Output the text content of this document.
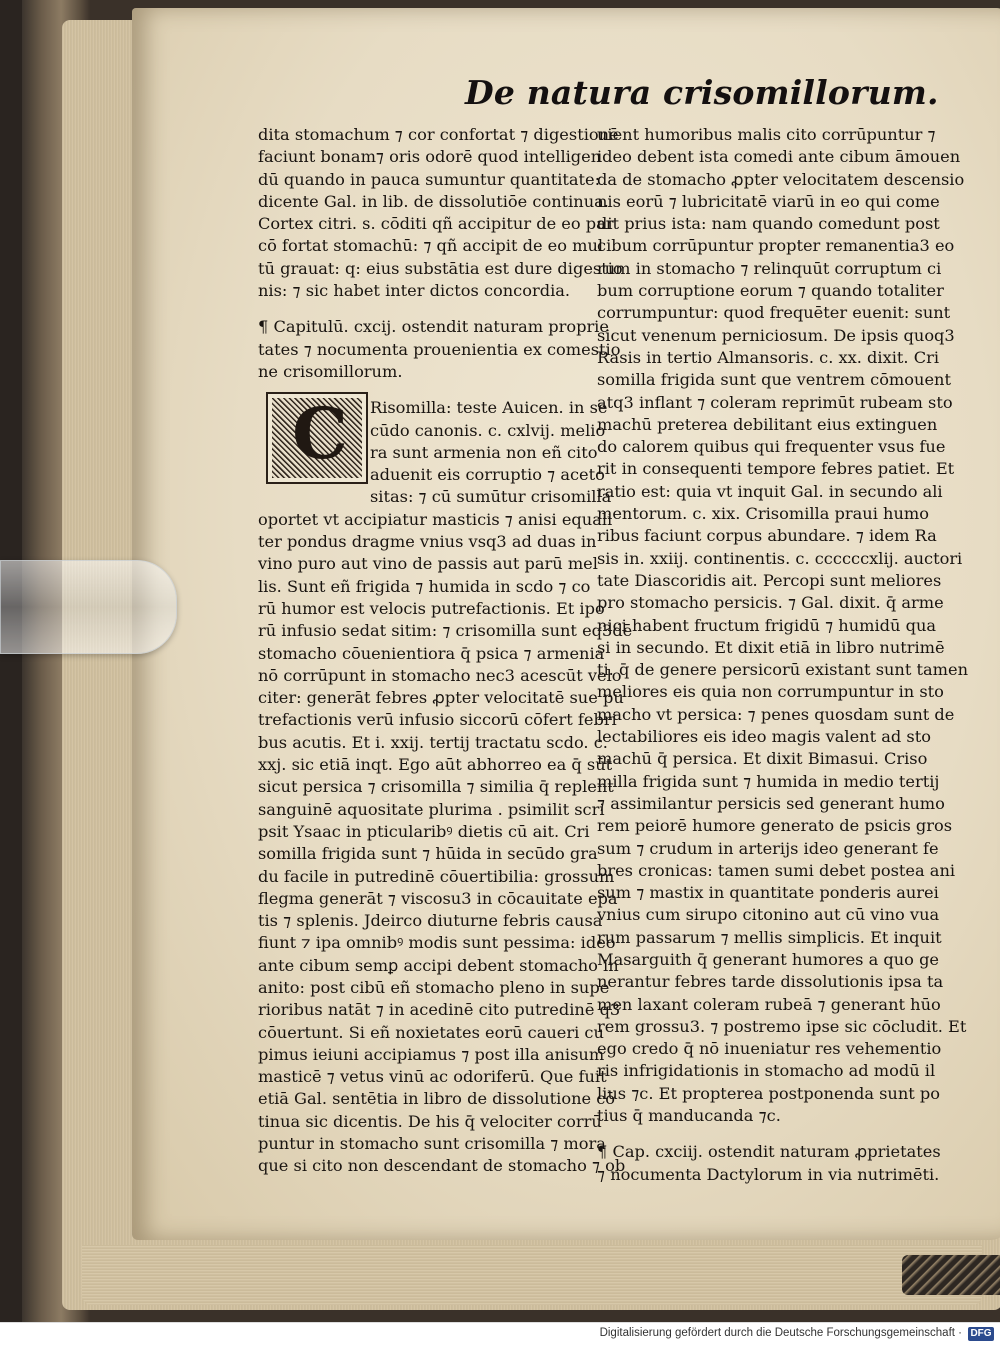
De natura crisomillorum.
C
dita stomachum ⁊ cor confortat ⁊ digestionē
faciunt bonam⁊ oris odorē quod intelligen
dū quando in pauca sumuntur quantitate:
dicente Gal. in lib. de dissolutiōe continua.
Cortex citri. s. cōditi qñ accipitur de eo par
cō fortat stomachū: ⁊ qñ accipit de eo mul
tū grauat: q: eius substātia est dure digestio
nis: ⁊ sic habet inter dictos concordia.
¶ Capitulū. cxcij. ostendit naturam proprie
tates ⁊ nocumenta prouenientia ex comestio
ne crisomillorum.
Risomilla: teste Auicen. in se
cūdo canonis. c. cxlvij. melio
ra sunt armenia non eñ cito
aduenit eis corruptio ⁊ aceto
sitas: ⁊ cū sumūtur crisomilla
oportet vt accipiatur masticis ⁊ anisi equali
ter pondus dragme vnius vsq3 ad duas in
vino puro aut vino de passis aut parū mel
lis. Sunt eñ frigida ⁊ humida in scdo ⁊ co
rū humor est velocis putrefactionis. Et ipo
rū infusio sedat sitim: ⁊ crisomilla sunt eq3dē
stomacho cōuenientiora q̄ psica ⁊ armenia
nō corrūpunt in stomacho nec3 acescūt velo
citer: generāt febres ꝓpter velocitatē sue pu
trefactionis verū infusio siccorū cōfert febri
bus acutis. Et i. xxij. tertij tractatu scdo. c.
xxj. sic etiā inqt. Ego aūt abhorreo ea q̄ sūt
sicut persica ⁊ crisomilla ⁊ similia q̄ replent
sanguinē aquositate plurima . psimilit scri
psit Ysaac in pticularibꝰ dietis cū ait. Cri
somilla frigida sunt ⁊ hūida in secūdo gra
du facile in putredinē cōuertibilia: grossum
flegma generāt ⁊ viscosu3 in cōcauitate epa
tis ⁊ splenis. Jdeirco diuturne febris causa
fiunt ⁊ ipa omnibꝰ modis sunt pessima: ideo
ante cibum semꝑ accipi debent stomacho in
anito: post cibū eñ stomacho pleno in supe
rioribus natāt ⁊ in acedinē cito putredinē q3
cōuertunt. Si eñ noxietates eorū caueri cu
pimus ieiuni accipiamus ⁊ post illa anisum
masticē ⁊ vetus vinū ac odoriferū. Que fuit
etiā Gal. sentētia in libro de dissolutione cō
tinua sic dicentis. De his q̄ velociter corrū
puntur in stomacho sunt crisomilla ⁊ mora
que si cito non descendant de stomacho ⁊ ob
uient humoribus malis cito corrūpuntur ⁊
ideo debent ista comedi ante cibum āmouen
da de stomacho ꝓpter velocitatem descensio
nis eorū ⁊ lubricitatē viarū in eo qui come
dit prius ista: nam quando comedunt post
cibum corrūpuntur propter remanentia3 eo
rum in stomacho ⁊ relinquūt corruptum ci
bum corruptione eorum ⁊ quando totaliter
corrumpuntur: quod frequēter euenit: sunt
sicut venenum perniciosum. De ipsis quoq3
Rasis in tertio Almansoris. c. xx. dixit. Cri
somilla frigida sunt que ventrem cōmouent
atq3 inflant ⁊ coleram reprimūt rubeam sto
machū preterea debilitant eius extinguen
do calorem quibus qui frequenter vsus fue
rit in consequenti tempore febres patiet. Et
ratio est: quia vt inquit Gal. in secundo ali
mentorum. c. xix. Crisomilla praui humo
ribus faciunt corpus abundare. ⁊ idem Ra
sis in. xxiij. continentis. c. ccccccxlij. auctori
tate Diascoridis ait. Percopi sunt meliores
pro stomacho persicis. ⁊ Gal. dixit. q̄ arme
nici habent fructum frigidū ⁊ humidū qua
si in secundo. Et dixit etiā in libro nutrimē
ti. q̄ de genere persicorū existant sunt tamen
meliores eis quia non corrumpuntur in sto
macho vt persica: ⁊ penes quosdam sunt de
lectabiliores eis ideo magis valent ad sto
machū q̄ persica. Et dixit Bimasui. Criso
milla frigida sunt ⁊ humida in medio tertij
⁊ assimilantur persicis sed generant humo
rem peiorē humore generato de psicis gros
sum ⁊ crudum in arterijs ideo generant fe
bres cronicas: tamen sumi debet postea ani
sum ⁊ mastix in quantitate ponderis aurei
vnius cum sirupo citonino aut cū vino vua
rum passarum ⁊ mellis simplicis. Et inquit
Masarguith q̄ generant humores a quo ge
nerantur febres tarde dissolutionis ipsa ta
men laxant coleram rubeā ⁊ generant hūo
rem grossu3. ⁊ postremo ipse sic cōcludit. Et
ego credo q̄ nō inueniatur res vehementio
ris infrigidationis in stomacho ad modū il
lius ⁊c. Et propterea postponenda sunt po
tius q̄ manducanda ⁊c.
¶ Cap. cxciij. ostendit naturam ꝓprietates
⁊ nocumenta Dactylorum in via nutrimēti.
Digitalisierung gefördert durch die Deutsche Forschungsgemeinschaft · DFG
